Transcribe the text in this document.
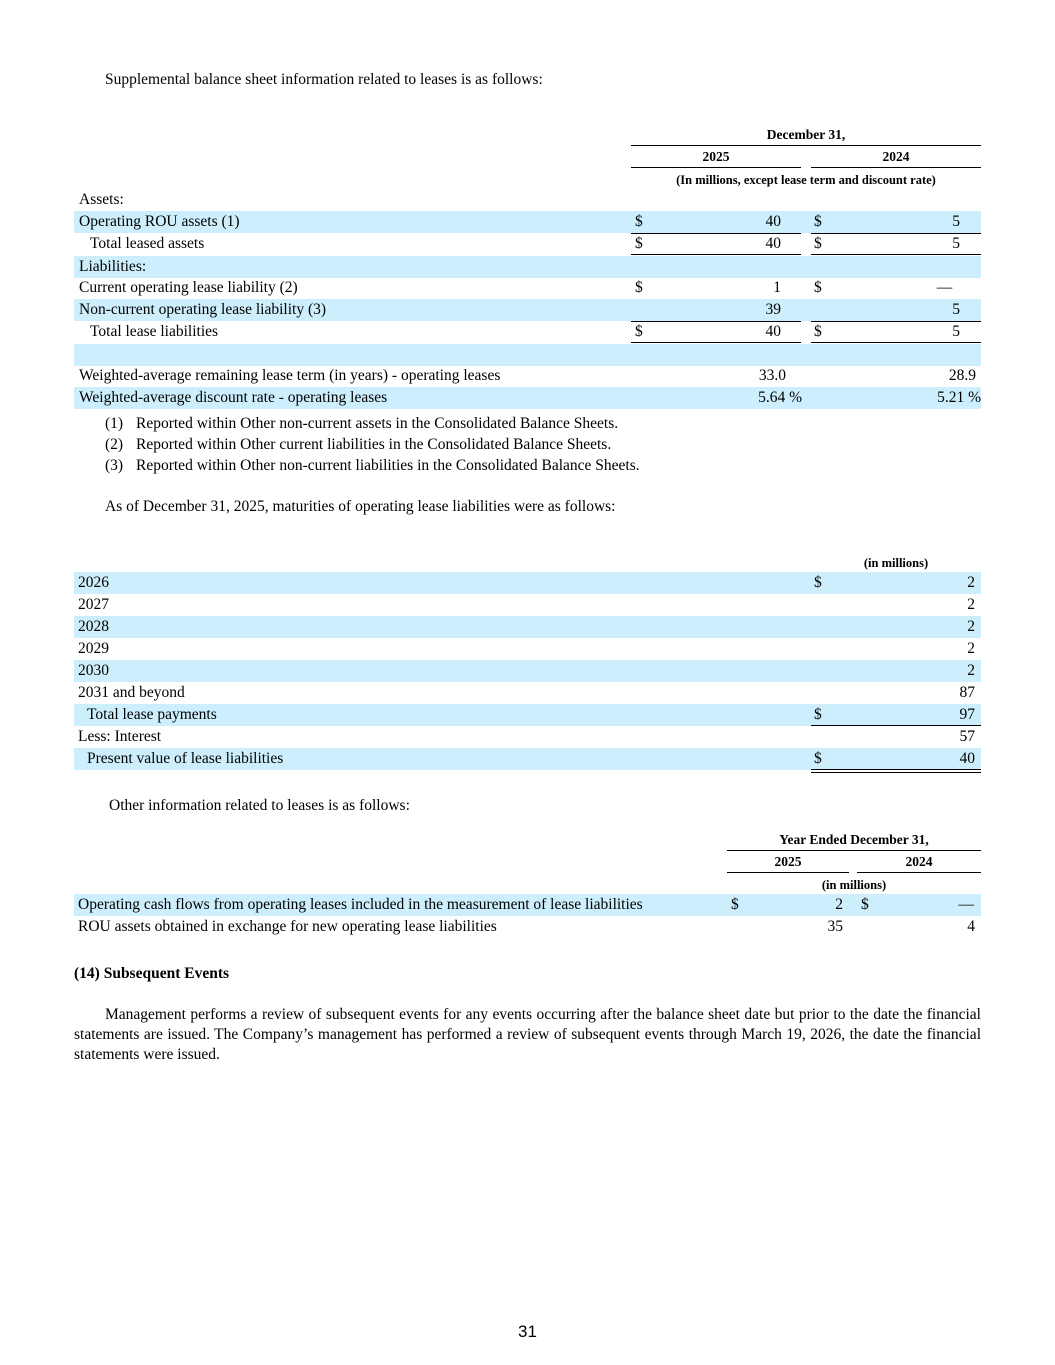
Supplemental balance sheet information related to leases is as follows:
December 31,
2025	2024
(In millions, except lease term and discount rate)
Assets:
Operating ROU assets (1)	$	40 $	5
Total leased assets	$	40 $	5
Liabilities:
Current operating lease liability (2)	$	1 $	—
Non-current operating lease liability (3)	39	5
Total lease liabilities	$	40 $	5
Weighted-average remaining lease term (in years) - operating leases	33.0	28.9
Weighted-average discount rate - operating leases	5.64 %	5.21 %
(1) Reported within Other non-current assets in the Consolidated Balance Sheets.
(2) Reported within Other current liabilities in the Consolidated Balance Sheets.
(3) Reported within Other non-current liabilities in the Consolidated Balance Sheets.
As of December 31, 2025, maturities of operating lease liabilities were as follows:
(in millions)
2026	$	2
2027	2
2028	2
2029	2
2030	2
2031 and beyond	87
Total lease payments	$	97
Less: Interest	57
Present value of lease liabilities	$	40
Other information related to leases is as follows:
Year Ended December 31,
2025	2024
(in millions)
Operating cash flows from operating leases included in the measurement of lease liabilities	$	2 $	—
ROU assets obtained in exchange for new operating lease liabilities	35	4
(14) Subsequent Events
Management performs a review of subsequent events for any events occurring after the balance sheet date but prior to the date the financial statements are issued. The Company’s management has performed a review of subsequent events through March 19, 2026, the date the financial statements were issued.
31
